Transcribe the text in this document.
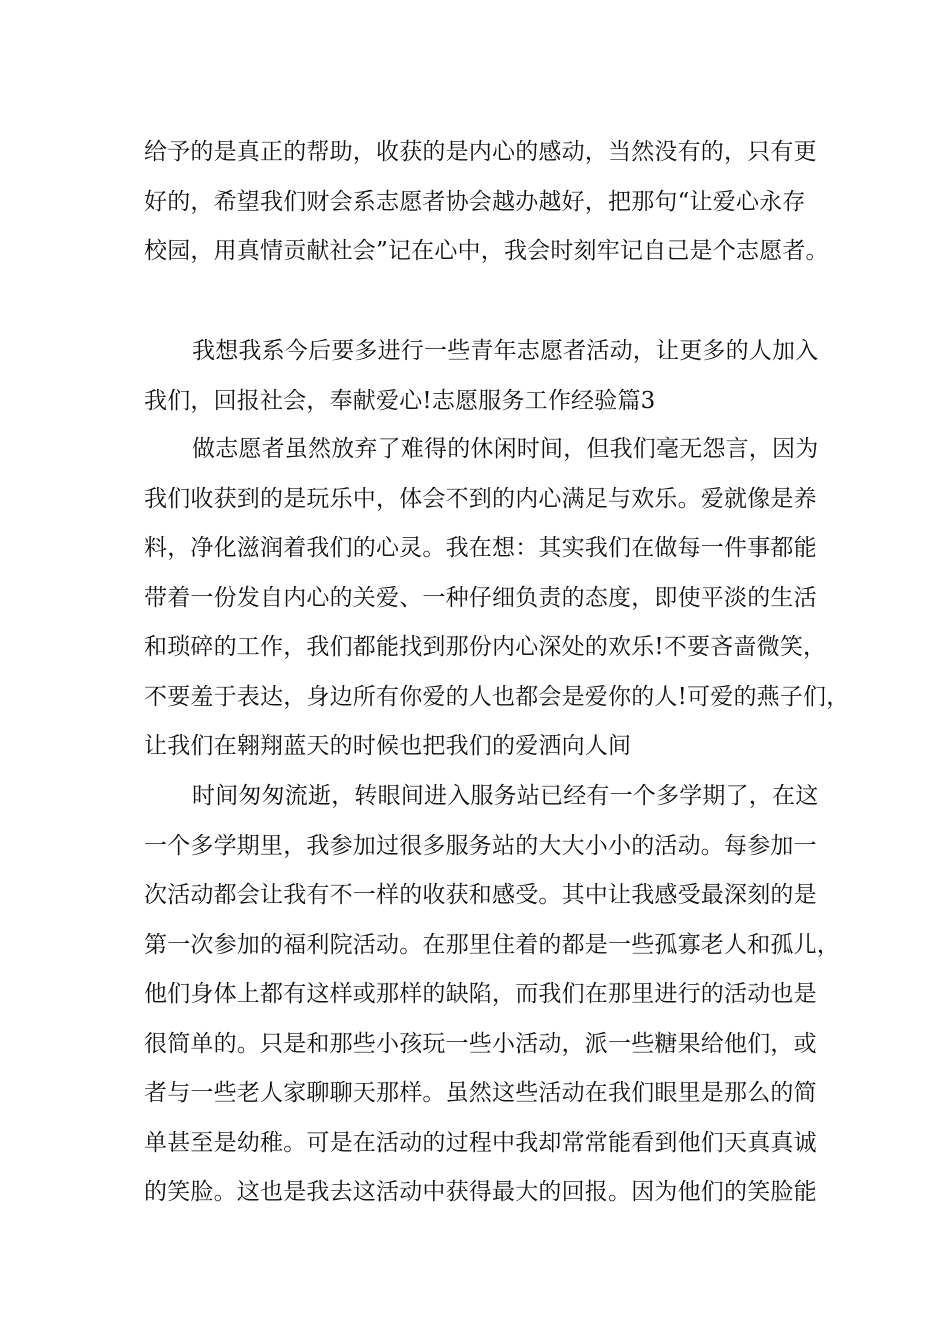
给予的是真正的帮助，收获的是内心的感动，当然没有的，只有更
好的，希望我们财会系志愿者协会越办越好，把那句“让爱心永存
校园，用真情贡献社会”记在心中，我会时刻牢记自己是个志愿者。
我想我系今后要多进行一些青年志愿者活动，让更多的人加入
我们，回报社会，奉献爱心!志愿服务工作经验篇3
做志愿者虽然放弃了难得的休闲时间，但我们毫无怨言，因为
我们收获到的是玩乐中，体会不到的内心满足与欢乐。爱就像是养
料，净化滋润着我们的心灵。我在想：其实我们在做每一件事都能
带着一份发自内心的关爱、一种仔细负责的态度，即使平淡的生活
和琐碎的工作，我们都能找到那份内心深处的欢乐!不要吝啬微笑，
不要羞于表达，身边所有你爱的人也都会是爱你的人!可爱的燕子们，
让我们在翱翔蓝天的时候也把我们的爱洒向人间
时间匆匆流逝，转眼间进入服务站已经有一个多学期了，在这
一个多学期里，我参加过很多服务站的大大小小的活动。每参加一
次活动都会让我有不一样的收获和感受。其中让我感受最深刻的是
第一次参加的福利院活动。在那里住着的都是一些孤寡老人和孤儿，
他们身体上都有这样或那样的缺陷，而我们在那里进行的活动也是
很简单的。只是和那些小孩玩一些小活动，派一些糖果给他们，或
者与一些老人家聊聊天那样。虽然这些活动在我们眼里是那么的简
单甚至是幼稚。可是在活动的过程中我却常常能看到他们天真真诚
的笑脸。这也是我去这活动中获得最大的回报。因为他们的笑脸能
